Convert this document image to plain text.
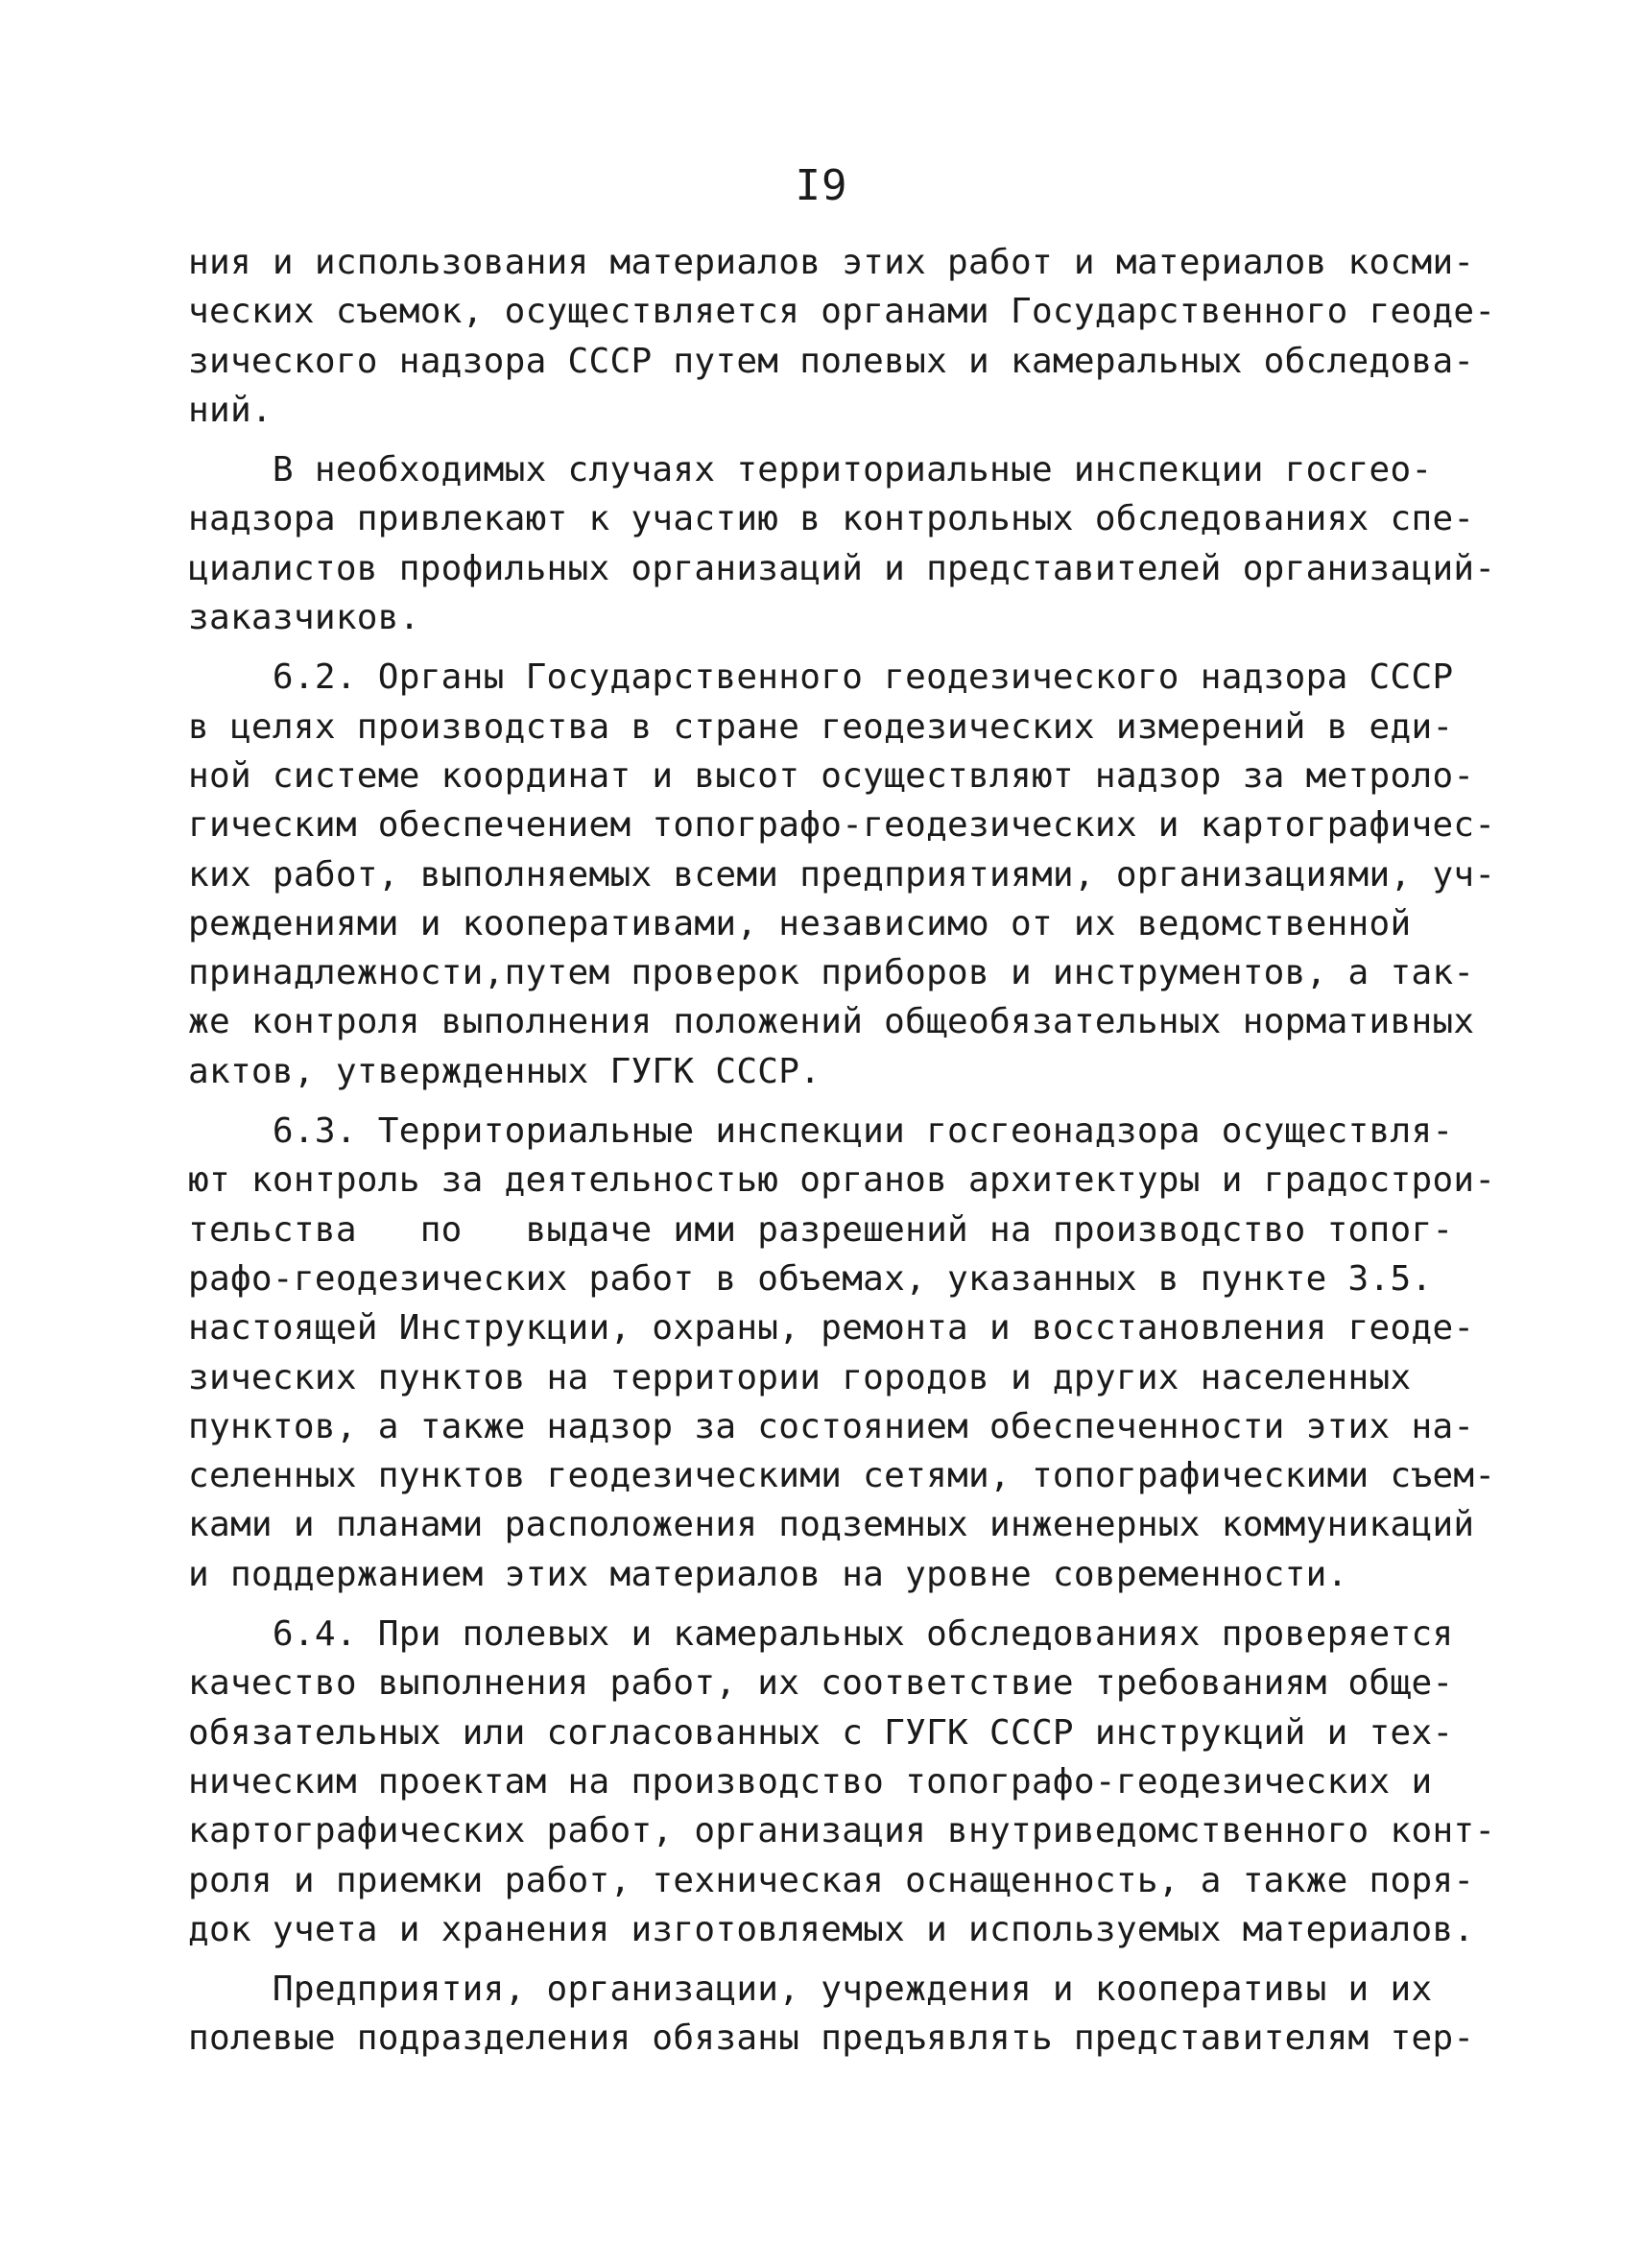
I9
ния и использования материалов этих работ и материалов косми-
ческих съемок, осуществляется органами Государственного геоде-
зического надзора СССР путем полевых и камеральных обследова-
ний.
В необходимых случаях территориальные инспекции госгео-
надзора привлекают к участию в контрольных обследованиях спе-
циалистов профильных организаций и представителей организаций-
заказчиков.
6.2. Органы Государственного геодезического надзора СССР
в целях производства в стране геодезических измерений в еди-
ной системе координат и высот осуществляют надзор за метроло-
гическим обеспечением топографо-геодезических и картографичес-
ких работ, выполняемых всеми предприятиями, организациями, уч-
реждениями и кооперативами, независимо от их ведомственной
принадлежности,путем проверок приборов и инструментов, а так-
же контроля выполнения положений общеобязательных нормативных
актов, утвержденных ГУГК СССР.
6.3. Территориальные инспекции госгеонадзора осуществля-
ют контроль за деятельностью органов архитектуры и градострои-
тельства   по   выдаче ими разрешений на производство топог-
рафо-геодезических работ в объемах, указанных в пункте 3.5.
настоящей Инструкции, охраны, ремонта и восстановления геоде-
зических пунктов на территории городов и других населенных
пунктов, а также надзор за состоянием обеспеченности этих на-
селенных пунктов геодезическими сетями, топографическими съем-
ками и планами расположения подземных инженерных коммуникаций
и поддержанием этих материалов на уровне современности.
6.4. При полевых и камеральных обследованиях проверяется
качество выполнения работ, их соответствие требованиям обще-
обязательных или согласованных с ГУГК СССР инструкций и тех-
ническим проектам на производство топографо-геодезических и
картографических работ, организация внутриведомственного конт-
роля и приемки работ, техническая оснащенность, а также поря-
док учета и хранения изготовляемых и используемых материалов.
Предприятия, организации, учреждения и кооперативы и их
полевые подразделения обязаны предъявлять представителям тер-
